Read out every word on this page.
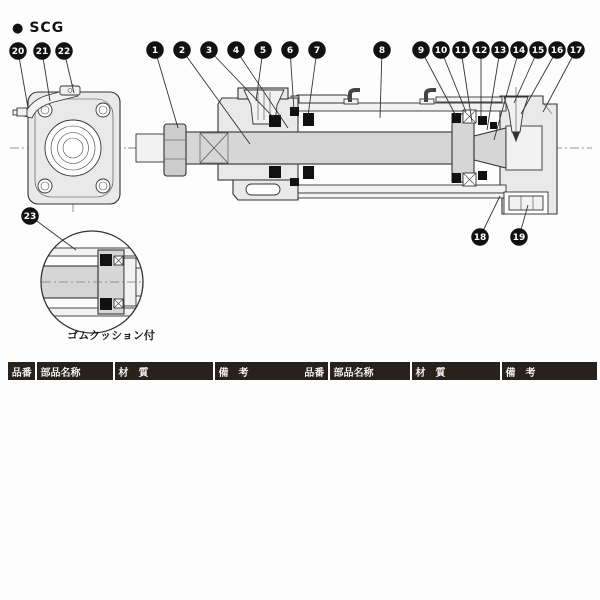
● SCG
1 2 3 4 5 6 7	8	9 10 11 12 13 14 15 16 17
18	19
20 21 22
23
ゴムクッション付
品番	部品名称	材　質	備　考	品番	部品名称	材　質	備　考
